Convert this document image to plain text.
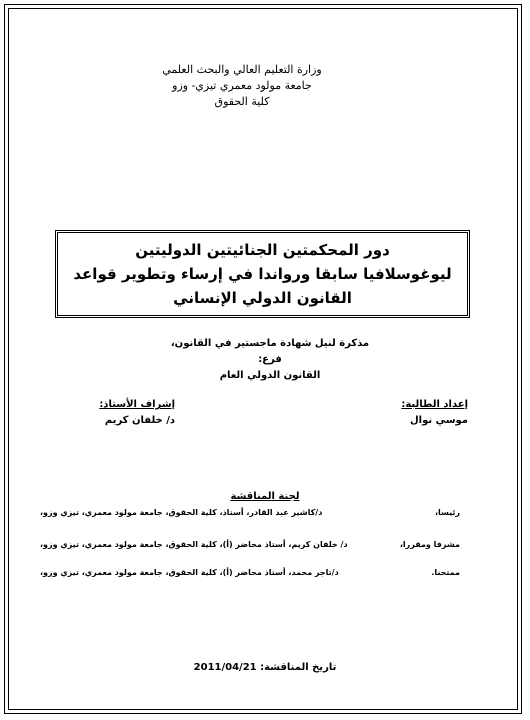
وزارة التعليم العالي والبحث العلمي
جامعة مولود معمري تيزي- وزو
كلية الحقوق
دور المحكمتين الجنائيتين الدوليتين
ليوغوسلافيا سابقا ورواندا في إرساء وتطوير قواعد
القانون الدولي الإنساني
مذكرة لنيل شهادة ماجستير في القانون، فرع:
القانون الدولي العام
إعداد الطالبة:
موسي نوال
إشراف الأستاذ:
د/ خلفان كريم
لجنة المناقشة
د/كاشير عبد القادر، أستاذ، كلية الحقوق، جامعة مولود معمري، تيزي وزو،	رئيسا،
د/ خلفان كريم، أستاذ محاضر (أ)، كلية الحقوق، جامعة مولود معمري، تيزي وزو،	مشرفا ومقررا،
د/تاجر محمد، أستاذ محاضر (أ)، كلية الحقوق، جامعة مولود معمري، تيزي وزو،	ممتحنا.
تاريخ المناقشة: 2011/04/21
